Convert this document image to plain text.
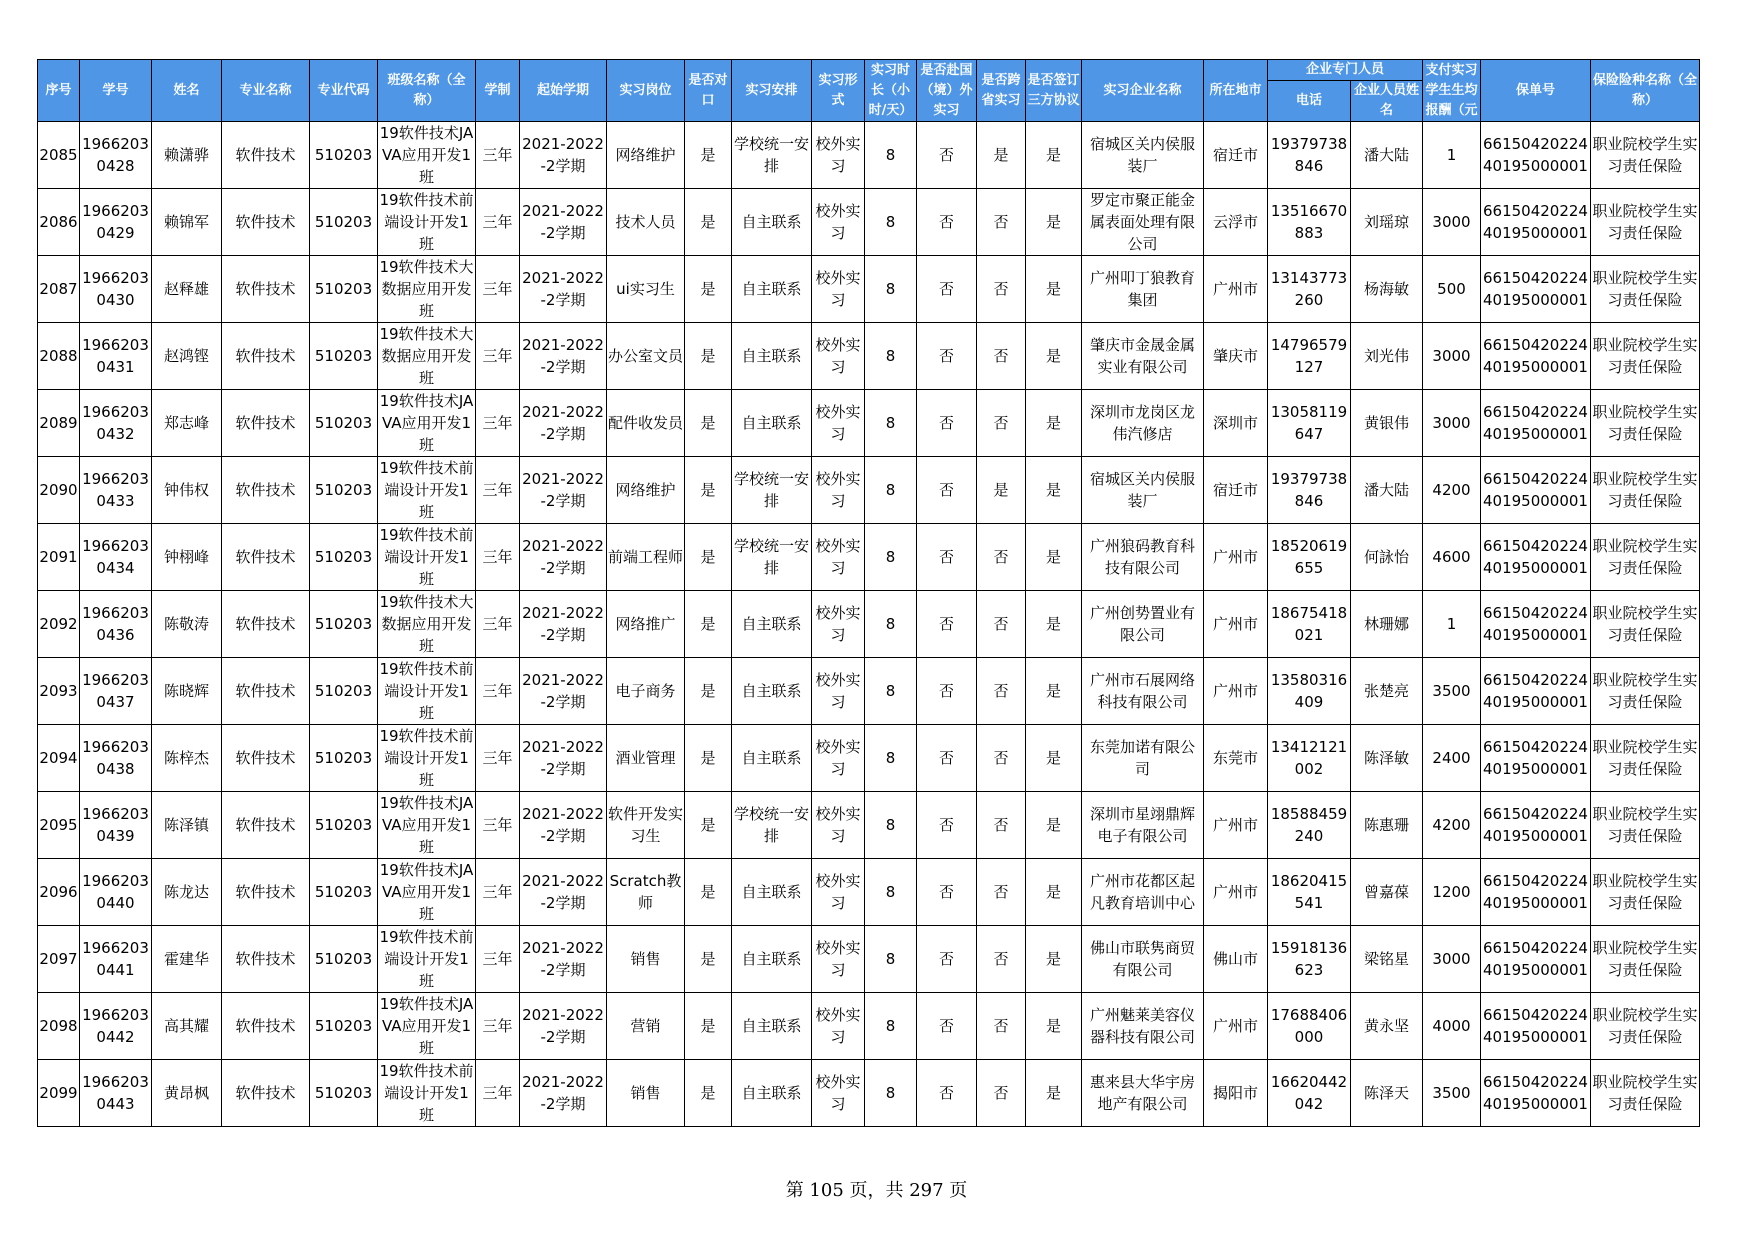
序号	学号	姓名	专业名称	专业代码	班级名称（全称）	学制	起始学期	实习岗位	是否对口	实习安排	实习形式	实习时长（小时/天）	是否赴国（境）外实习	是否跨省实习	是否签订三方协议	实习企业名称	所在地市	企业专门人员		支付实习学生生均报酬（元	保单号	保险险种名称（全称）
																		电话	企业人员姓名			
2085	19662030428	赖潇骅	软件技术	510203	19软件技术JAVA应用开发1班	三年	2021-2022-2学期	网络维护	是	学校统一安排	校外实习	8	否	是	是	宿城区关内侯服装厂	宿迁市	19379738846	潘大陆	1	6615042022440195000001	职业院校学生实习责任保险
2086	19662030429	赖锦军	软件技术	510203	19软件技术前端设计开发1班	三年	2021-2022-2学期	技术人员	是	自主联系	校外实习	8	否	否	是	罗定市聚正能金属表面处理有限公司	云浮市	13516670883	刘瑶琼	3000	6615042022440195000001	职业院校学生实习责任保险
2087	19662030430	赵释雄	软件技术	510203	19软件技术大数据应用开发班	三年	2021-2022-2学期	ui实习生	是	自主联系	校外实习	8	否	否	是	广州叩丁狼教育集团	广州市	13143773260	杨海敏	500	6615042022440195000001	职业院校学生实习责任保险
2088	19662030431	赵鸿铿	软件技术	510203	19软件技术大数据应用开发班	三年	2021-2022-2学期	办公室文员	是	自主联系	校外实习	8	否	否	是	肇庆市金晟金属实业有限公司	肇庆市	14796579127	刘光伟	3000	6615042022440195000001	职业院校学生实习责任保险
2089	19662030432	郑志峰	软件技术	510203	19软件技术JAVA应用开发1班	三年	2021-2022-2学期	配件收发员	是	自主联系	校外实习	8	否	否	是	深圳市龙岗区龙伟汽修店	深圳市	13058119647	黄银伟	3000	6615042022440195000001	职业院校学生实习责任保险
2090	19662030433	钟伟权	软件技术	510203	19软件技术前端设计开发1班	三年	2021-2022-2学期	网络维护	是	学校统一安排	校外实习	8	否	是	是	宿城区关内侯服装厂	宿迁市	19379738846	潘大陆	4200	6615042022440195000001	职业院校学生实习责任保险
2091	19662030434	钟栩峰	软件技术	510203	19软件技术前端设计开发1班	三年	2021-2022-2学期	前端工程师	是	学校统一安排	校外实习	8	否	否	是	广州狼码教育科技有限公司	广州市	18520619655	何詠怡	4600	6615042022440195000001	职业院校学生实习责任保险
2092	19662030436	陈敬涛	软件技术	510203	19软件技术大数据应用开发班	三年	2021-2022-2学期	网络推广	是	自主联系	校外实习	8	否	否	是	广州创势置业有限公司	广州市	18675418021	林珊娜	1	6615042022440195000001	职业院校学生实习责任保险
2093	19662030437	陈晓辉	软件技术	510203	19软件技术前端设计开发1班	三年	2021-2022-2学期	电子商务	是	自主联系	校外实习	8	否	否	是	广州市石展网络科技有限公司	广州市	13580316409	张楚亮	3500	6615042022440195000001	职业院校学生实习责任保险
2094	19662030438	陈梓杰	软件技术	510203	19软件技术前端设计开发1班	三年	2021-2022-2学期	酒业管理	是	自主联系	校外实习	8	否	否	是	东莞加诺有限公司	东莞市	13412121002	陈泽敏	2400	6615042022440195000001	职业院校学生实习责任保险
2095	19662030439	陈泽镇	软件技术	510203	19软件技术JAVA应用开发1班	三年	2021-2022-2学期	软件开发实习生	是	学校统一安排	校外实习	8	否	否	是	深圳市星翊鼎辉电子有限公司	广州市	18588459240	陈惠珊	4200	6615042022440195000001	职业院校学生实习责任保险
2096	19662030440	陈龙达	软件技术	510203	19软件技术JAVA应用开发1班	三年	2021-2022-2学期	Scratch教师	是	自主联系	校外实习	8	否	否	是	广州市花都区起凡教育培训中心	广州市	18620415541	曾嘉葆	1200	6615042022440195000001	职业院校学生实习责任保险
2097	19662030441	霍建华	软件技术	510203	19软件技术前端设计开发1班	三年	2021-2022-2学期	销售	是	自主联系	校外实习	8	否	否	是	佛山市联隽商贸有限公司	佛山市	15918136623	梁铭星	3000	6615042022440195000001	职业院校学生实习责任保险
2098	19662030442	高其耀	软件技术	510203	19软件技术JAVA应用开发1班	三年	2021-2022-2学期	营销	是	自主联系	校外实习	8	否	否	是	广州魅莱美容仪器科技有限公司	广州市	17688406000	黄永坚	4000	6615042022440195000001	职业院校学生实习责任保险
2099	19662030443	黄昂枫	软件技术	510203	19软件技术前端设计开发1班	三年	2021-2022-2学期	销售	是	自主联系	校外实习	8	否	否	是	惠来县大华宇房地产有限公司	揭阳市	16620442042	陈泽天	3500	6615042022440195000001	职业院校学生实习责任保险
第 105 页，共 297 页
